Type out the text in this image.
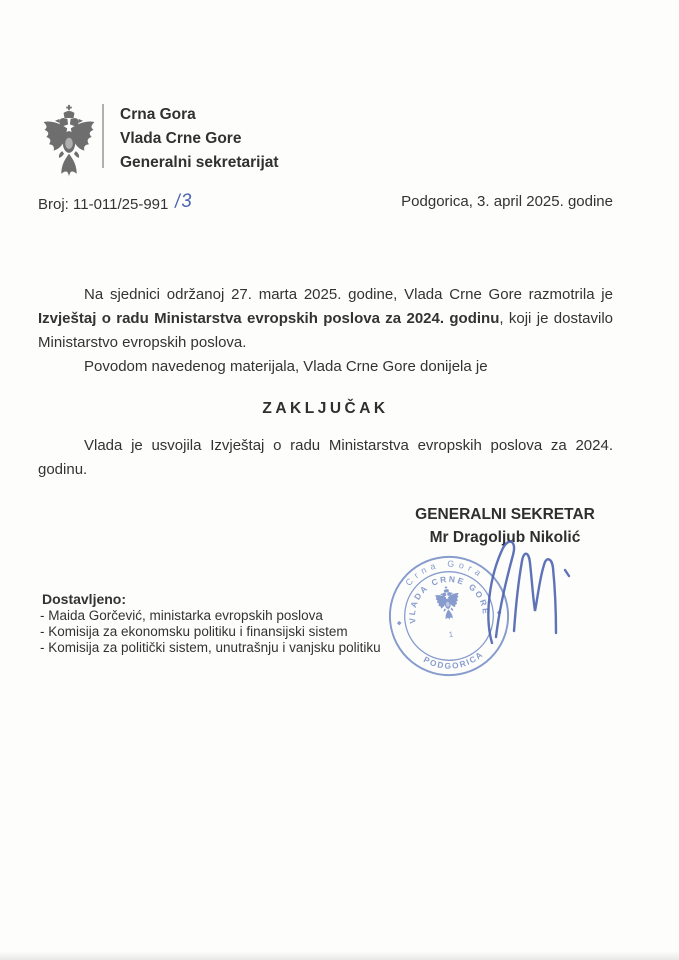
Crna Gora
Vlada Crne Gore
Generalni sekretarijat
Broj: 11-011/25-991 /3	Podgorica, 3. april 2025. godine

Na sjednici održanoj 27. marta 2025. godine, Vlada Crne Gore razmotrila je Izvještaj o radu Ministarstva evropskih poslova za 2024. godinu, koji je dostavilo Ministarstvo evropskih poslova.

Povodom navedenog materijala, Vlada Crne Gore donijela je

ZAKLJUČAK

Vlada je usvojila Izvještaj o radu Ministarstva evropskih poslova za 2024. godinu.

GENERALNI SEKRETAR
Mr Dragoljub Nikolić
Crna Gora
VLADA CRNE GORE
PODGORICA
1
◆
◆
Dostavljeno:
- Maida Gorčević, ministarka evropskih poslova
- Komisija za ekonomsku politiku i finansijski sistem
- Komisija za politički sistem, unutrašnju i vanjsku politiku
